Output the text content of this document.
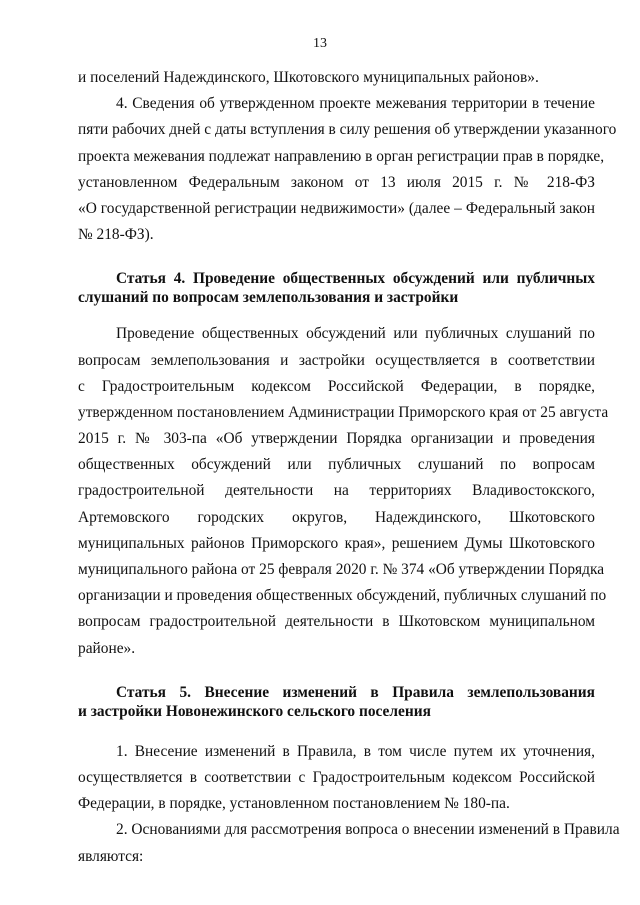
13
и поселений Надеждинского, Шкотовского муниципальных районов».
4. Сведения об утвержденном проекте межевания территории в течение
пяти рабочих дней с даты вступления в силу решения об утверждении указанного
проекта межевания подлежат направлению в орган регистрации прав в порядке,
установленном Федеральным законом от 13 июля 2015 г. № 218-ФЗ
«О государственной регистрации недвижимости» (далее – Федеральный закон
№ 218-ФЗ).
Статья 4. Проведение общественных обсуждений или публичных
слушаний по вопросам землепользования и застройки
Проведение общественных обсуждений или публичных слушаний по
вопросам землепользования и застройки осуществляется в соответствии
с Градостроительным кодексом Российской Федерации, в порядке,
утвержденном постановлением Администрации Приморского края от 25 августа
2015 г. № 303-па «Об утверждении Порядка организации и проведения
общественных обсуждений или публичных слушаний по вопросам
градостроительной деятельности на территориях Владивостокского,
Артемовского городских округов, Надеждинского, Шкотовского
муниципальных районов Приморского края», решением Думы Шкотовского
муниципального района от 25 февраля 2020 г. № 374 «Об утверждении Порядка
организации и проведения общественных обсуждений, публичных слушаний по
вопросам градостроительной деятельности в Шкотовском муниципальном
районе».
Статья 5. Внесение изменений в Правила землепользования
и застройки Новонежинского сельского поселения
1. Внесение изменений в Правила, в том числе путем их уточнения,
осуществляется в соответствии с Градостроительным кодексом Российской
Федерации, в порядке, установленном постановлением № 180-па.
2. Основаниями для рассмотрения вопроса о внесении изменений в Правила
являются:
